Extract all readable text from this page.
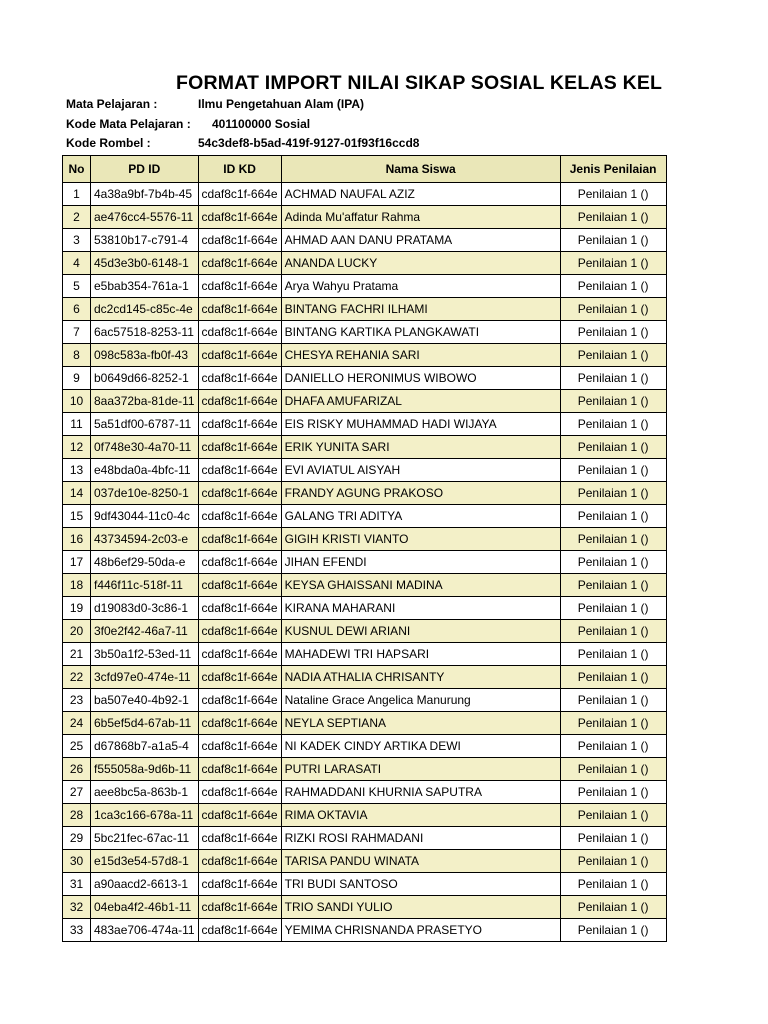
FORMAT IMPORT NILAI SIKAP SOSIAL KELAS KEL
Mata Pelajaran :	Ilmu Pengetahuan Alam (IPA)
Kode Mata Pelajaran : 401100000 Sosial
Kode Rombel :	54c3def8-b5ad-419f-9127-01f93f16ccd8
No	PD ID	ID KD	Nama Siswa	Jenis Penilaian
1	4a38a9bf-7b4b-45	cdaf8c1f-664e	ACHMAD NAUFAL AZIZ	Penilaian 1 ()
2	ae476cc4-5576-11	cdaf8c1f-664e	Adinda Mu'affatur Rahma	Penilaian 1 ()
3	53810b17-c791-4	cdaf8c1f-664e	AHMAD AAN DANU PRATAMA	Penilaian 1 ()
4	45d3e3b0-6148-1	cdaf8c1f-664e	ANANDA LUCKY	Penilaian 1 ()
5	e5bab354-761a-1	cdaf8c1f-664e	Arya Wahyu Pratama	Penilaian 1 ()
6	dc2cd145-c85c-4e	cdaf8c1f-664e	BINTANG FACHRI ILHAMI	Penilaian 1 ()
7	6ac57518-8253-11	cdaf8c1f-664e	BINTANG KARTIKA PLANGKAWATI	Penilaian 1 ()
8	098c583a-fb0f-43	cdaf8c1f-664e	CHESYA REHANIA SARI	Penilaian 1 ()
9	b0649d66-8252-1	cdaf8c1f-664e	DANIELLO HERONIMUS WIBOWO	Penilaian 1 ()
10	8aa372ba-81de-11	cdaf8c1f-664e	DHAFA AMUFARIZAL	Penilaian 1 ()
11	5a51df00-6787-11	cdaf8c1f-664e	EIS RISKY MUHAMMAD HADI WIJAYA	Penilaian 1 ()
12	0f748e30-4a70-11	cdaf8c1f-664e	ERIK YUNITA SARI	Penilaian 1 ()
13	e48bda0a-4bfc-11	cdaf8c1f-664e	EVI AVIATUL AISYAH	Penilaian 1 ()
14	037de10e-8250-1	cdaf8c1f-664e	FRANDY AGUNG PRAKOSO	Penilaian 1 ()
15	9df43044-11c0-4c	cdaf8c1f-664e	GALANG TRI ADITYA	Penilaian 1 ()
16	43734594-2c03-e	cdaf8c1f-664e	GIGIH KRISTI VIANTO	Penilaian 1 ()
17	48b6ef29-50da-e	cdaf8c1f-664e	JIHAN EFENDI	Penilaian 1 ()
18	f446f11c-518f-11	cdaf8c1f-664e	KEYSA GHAISSANI MADINA	Penilaian 1 ()
19	d19083d0-3c86-1	cdaf8c1f-664e	KIRANA MAHARANI	Penilaian 1 ()
20	3f0e2f42-46a7-11	cdaf8c1f-664e	KUSNUL DEWI ARIANI	Penilaian 1 ()
21	3b50a1f2-53ed-11	cdaf8c1f-664e	MAHADEWI TRI HAPSARI	Penilaian 1 ()
22	3cfd97e0-474e-11	cdaf8c1f-664e	NADIA ATHALIA CHRISANTY	Penilaian 1 ()
23	ba507e40-4b92-1	cdaf8c1f-664e	Nataline Grace Angelica Manurung	Penilaian 1 ()
24	6b5ef5d4-67ab-11	cdaf8c1f-664e	NEYLA SEPTIANA	Penilaian 1 ()
25	d67868b7-a1a5-4	cdaf8c1f-664e	NI KADEK CINDY ARTIKA DEWI	Penilaian 1 ()
26	f555058a-9d6b-11	cdaf8c1f-664e	PUTRI LARASATI	Penilaian 1 ()
27	aee8bc5a-863b-1	cdaf8c1f-664e	RAHMADDANI KHURNIA SAPUTRA	Penilaian 1 ()
28	1ca3c166-678a-11	cdaf8c1f-664e	RIMA OKTAVIA	Penilaian 1 ()
29	5bc21fec-67ac-11	cdaf8c1f-664e	RIZKI ROSI RAHMADANI	Penilaian 1 ()
30	e15d3e54-57d8-1	cdaf8c1f-664e	TARISA PANDU WINATA	Penilaian 1 ()
31	a90aacd2-6613-1	cdaf8c1f-664e	TRI BUDI SANTOSO	Penilaian 1 ()
32	04eba4f2-46b1-11	cdaf8c1f-664e	TRIO SANDI YULIO	Penilaian 1 ()
33	483ae706-474a-11	cdaf8c1f-664e	YEMIMA CHRISNANDA PRASETYO	Penilaian 1 ()
